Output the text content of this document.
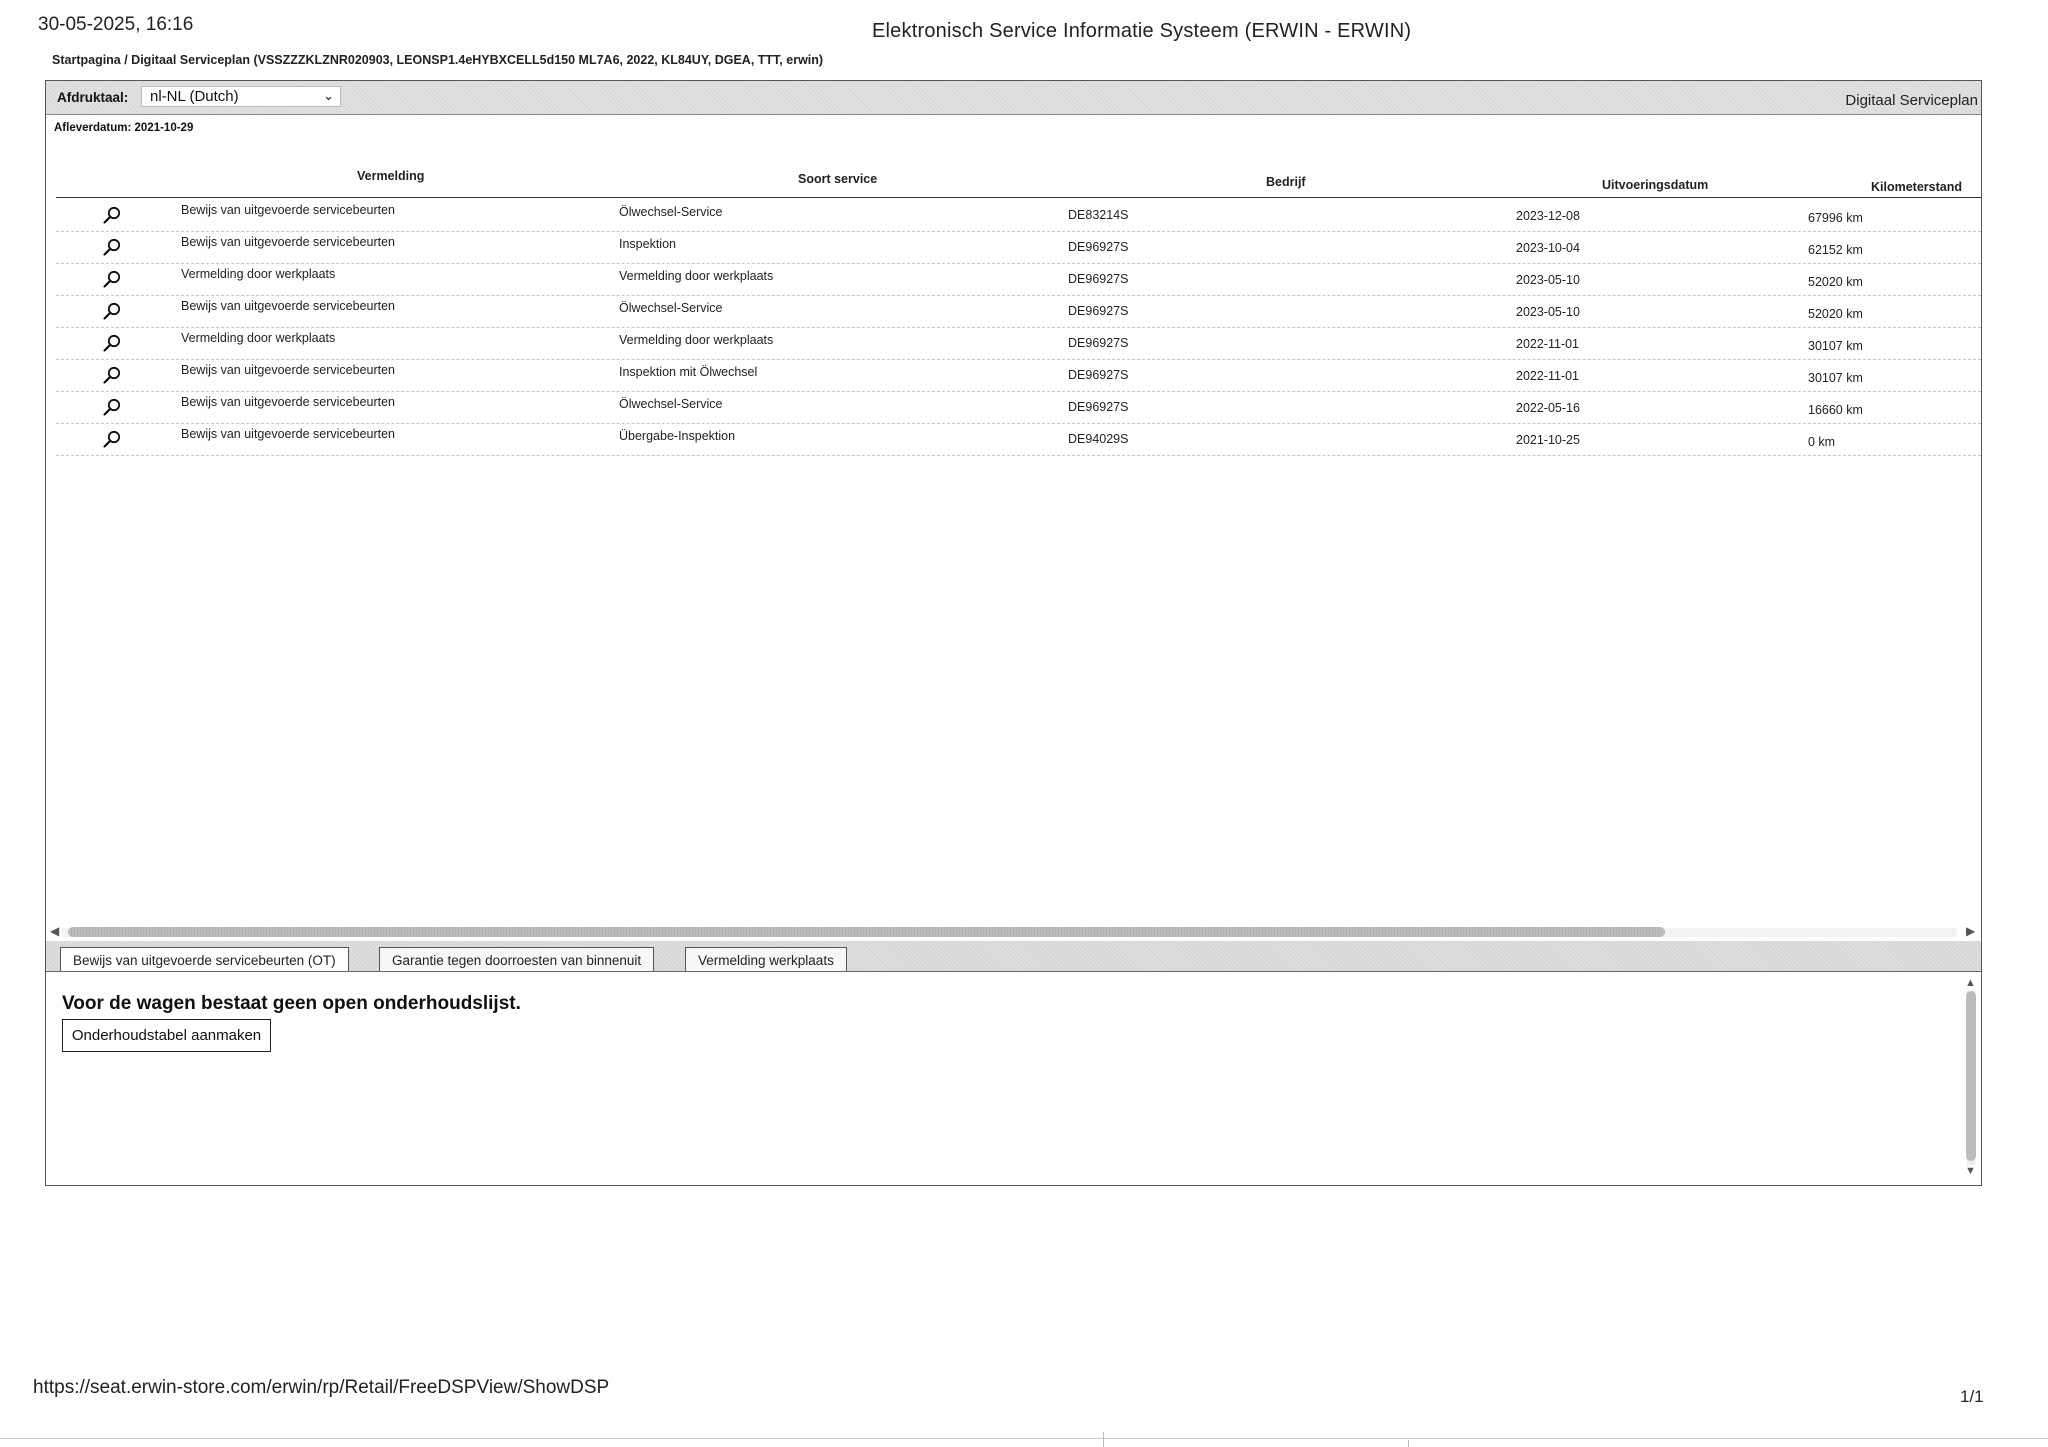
30-05-2025, 16:16	Elektronisch Service Informatie Systeem (ERWIN - ERWIN)
Startpagina / Digitaal Serviceplan (VSSZZZKLZNR020903, LEONSP1.4eHYBXCELL5d150 ML7A6, 2022, KL84UY, DGEA, TTT, erwin)
Afdruktaal:	nl-NL (Dutch)	⌄	Digitaal Serviceplan
Afleverdatum: 2021-10-29
Vermelding	Soort service	Bedrijf	Uitvoeringsdatum	Kilometerstand
Bewijs van uitgevoerde servicebeurten	Ölwechsel-Service	DE83214S	2023-12-08	67996 km
Bewijs van uitgevoerde servicebeurten	Inspektion	DE96927S	2023-10-04	62152 km
Vermelding door werkplaats	Vermelding door werkplaats	DE96927S	2023-05-10	52020 km
Bewijs van uitgevoerde servicebeurten	Ölwechsel-Service	DE96927S	2023-05-10	52020 km
Vermelding door werkplaats	Vermelding door werkplaats	DE96927S	2022-11-01	30107 km
Bewijs van uitgevoerde servicebeurten	Inspektion mit Ölwechsel	DE96927S	2022-11-01	30107 km
Bewijs van uitgevoerde servicebeurten	Ölwechsel-Service	DE96927S	2022-05-16	16660 km
Bewijs van uitgevoerde servicebeurten	Übergabe-Inspektion	DE94029S	2021-10-25	0 km
◀	▶
Bewijs van uitgevoerde servicebeurten (OT)	Garantie tegen doorroesten van binnenuit	Vermelding werkplaats
Voor de wagen bestaat geen open onderhoudslijst.
Onderhoudstabel aanmaken
▲
▼
https://seat.erwin-store.com/erwin/rp/Retail/FreeDSPView/ShowDSP	1/1
